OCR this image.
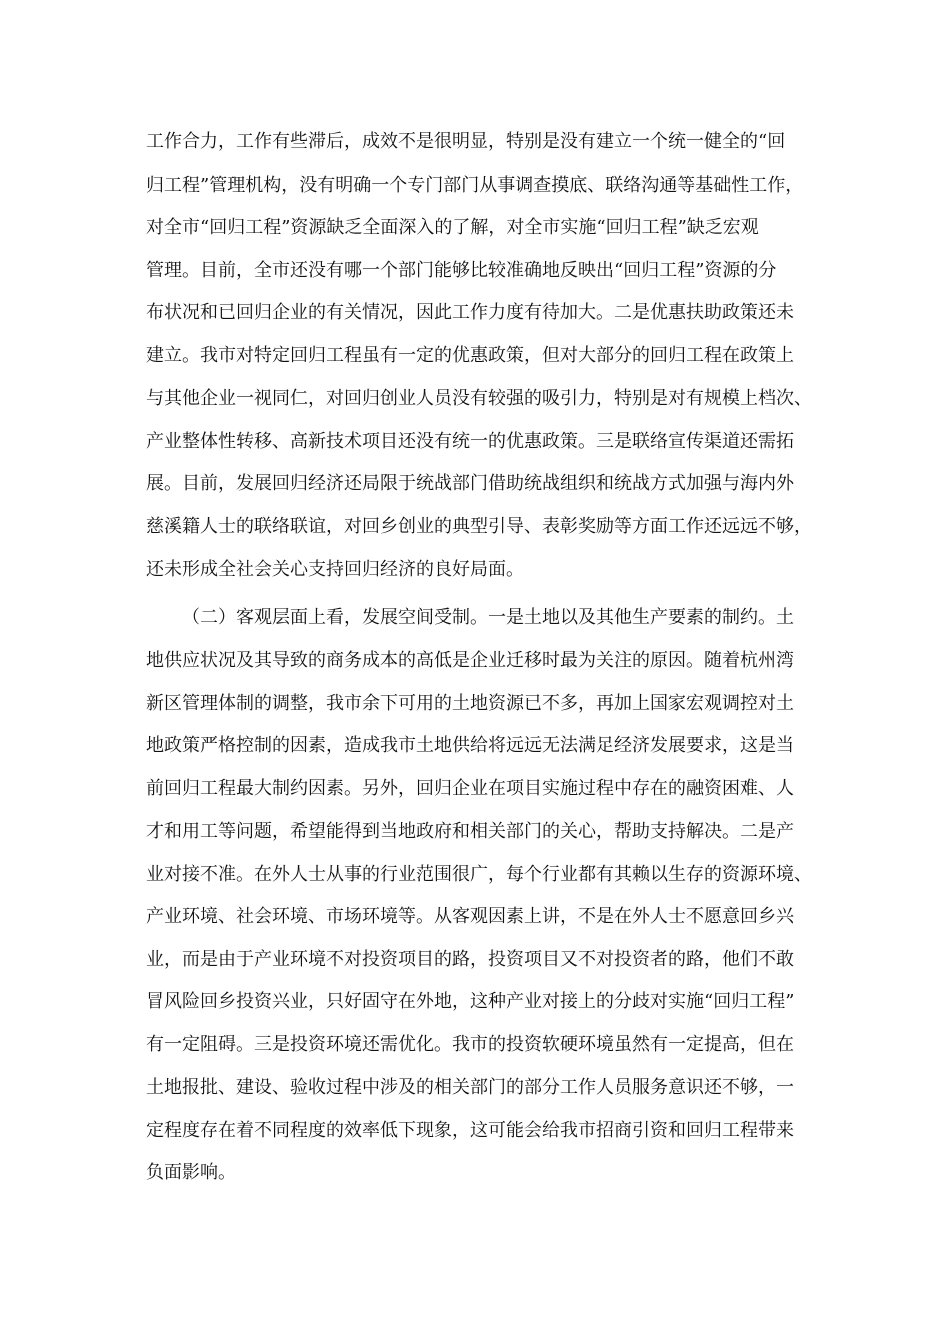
工作合力，工作有些滞后，成效不是很明显，特别是没有建立一个统一健全的“回
归工程”管理机构，没有明确一个专门部门从事调查摸底、联络沟通等基础性工作，
对全市“回归工程”资源缺乏全面深入的了解，对全市实施“回归工程”缺乏宏观
管理。目前，全市还没有哪一个部门能够比较准确地反映出“回归工程”资源的分
布状况和已回归企业的有关情况，因此工作力度有待加大。二是优惠扶助政策还未
建立。我市对特定回归工程虽有一定的优惠政策，但对大部分的回归工程在政策上
与其他企业一视同仁，对回归创业人员没有较强的吸引力，特别是对有规模上档次、
产业整体性转移、高新技术项目还没有统一的优惠政策。三是联络宣传渠道还需拓
展。目前，发展回归经济还局限于统战部门借助统战组织和统战方式加强与海内外
慈溪籍人士的联络联谊，对回乡创业的典型引导、表彰奖励等方面工作还远远不够，
还未形成全社会关心支持回归经济的良好局面。
（二）客观层面上看，发展空间受制。一是土地以及其他生产要素的制约。土
地供应状况及其导致的商务成本的高低是企业迁移时最为关注的原因。随着杭州湾
新区管理体制的调整，我市余下可用的土地资源已不多，再加上国家宏观调控对土
地政策严格控制的因素，造成我市土地供给将远远无法满足经济发展要求，这是当
前回归工程最大制约因素。另外，回归企业在项目实施过程中存在的融资困难、人
才和用工等问题，希望能得到当地政府和相关部门的关心，帮助支持解决。二是产
业对接不准。在外人士从事的行业范围很广，每个行业都有其赖以生存的资源环境、
产业环境、社会环境、市场环境等。从客观因素上讲，不是在外人士不愿意回乡兴
业，而是由于产业环境不对投资项目的路，投资项目又不对投资者的路，他们不敢
冒风险回乡投资兴业，只好固守在外地，这种产业对接上的分歧对实施“回归工程”
有一定阻碍。三是投资环境还需优化。我市的投资软硬环境虽然有一定提高，但在
土地报批、建设、验收过程中涉及的相关部门的部分工作人员服务意识还不够，一
定程度存在着不同程度的效率低下现象，这可能会给我市招商引资和回归工程带来
负面影响。
